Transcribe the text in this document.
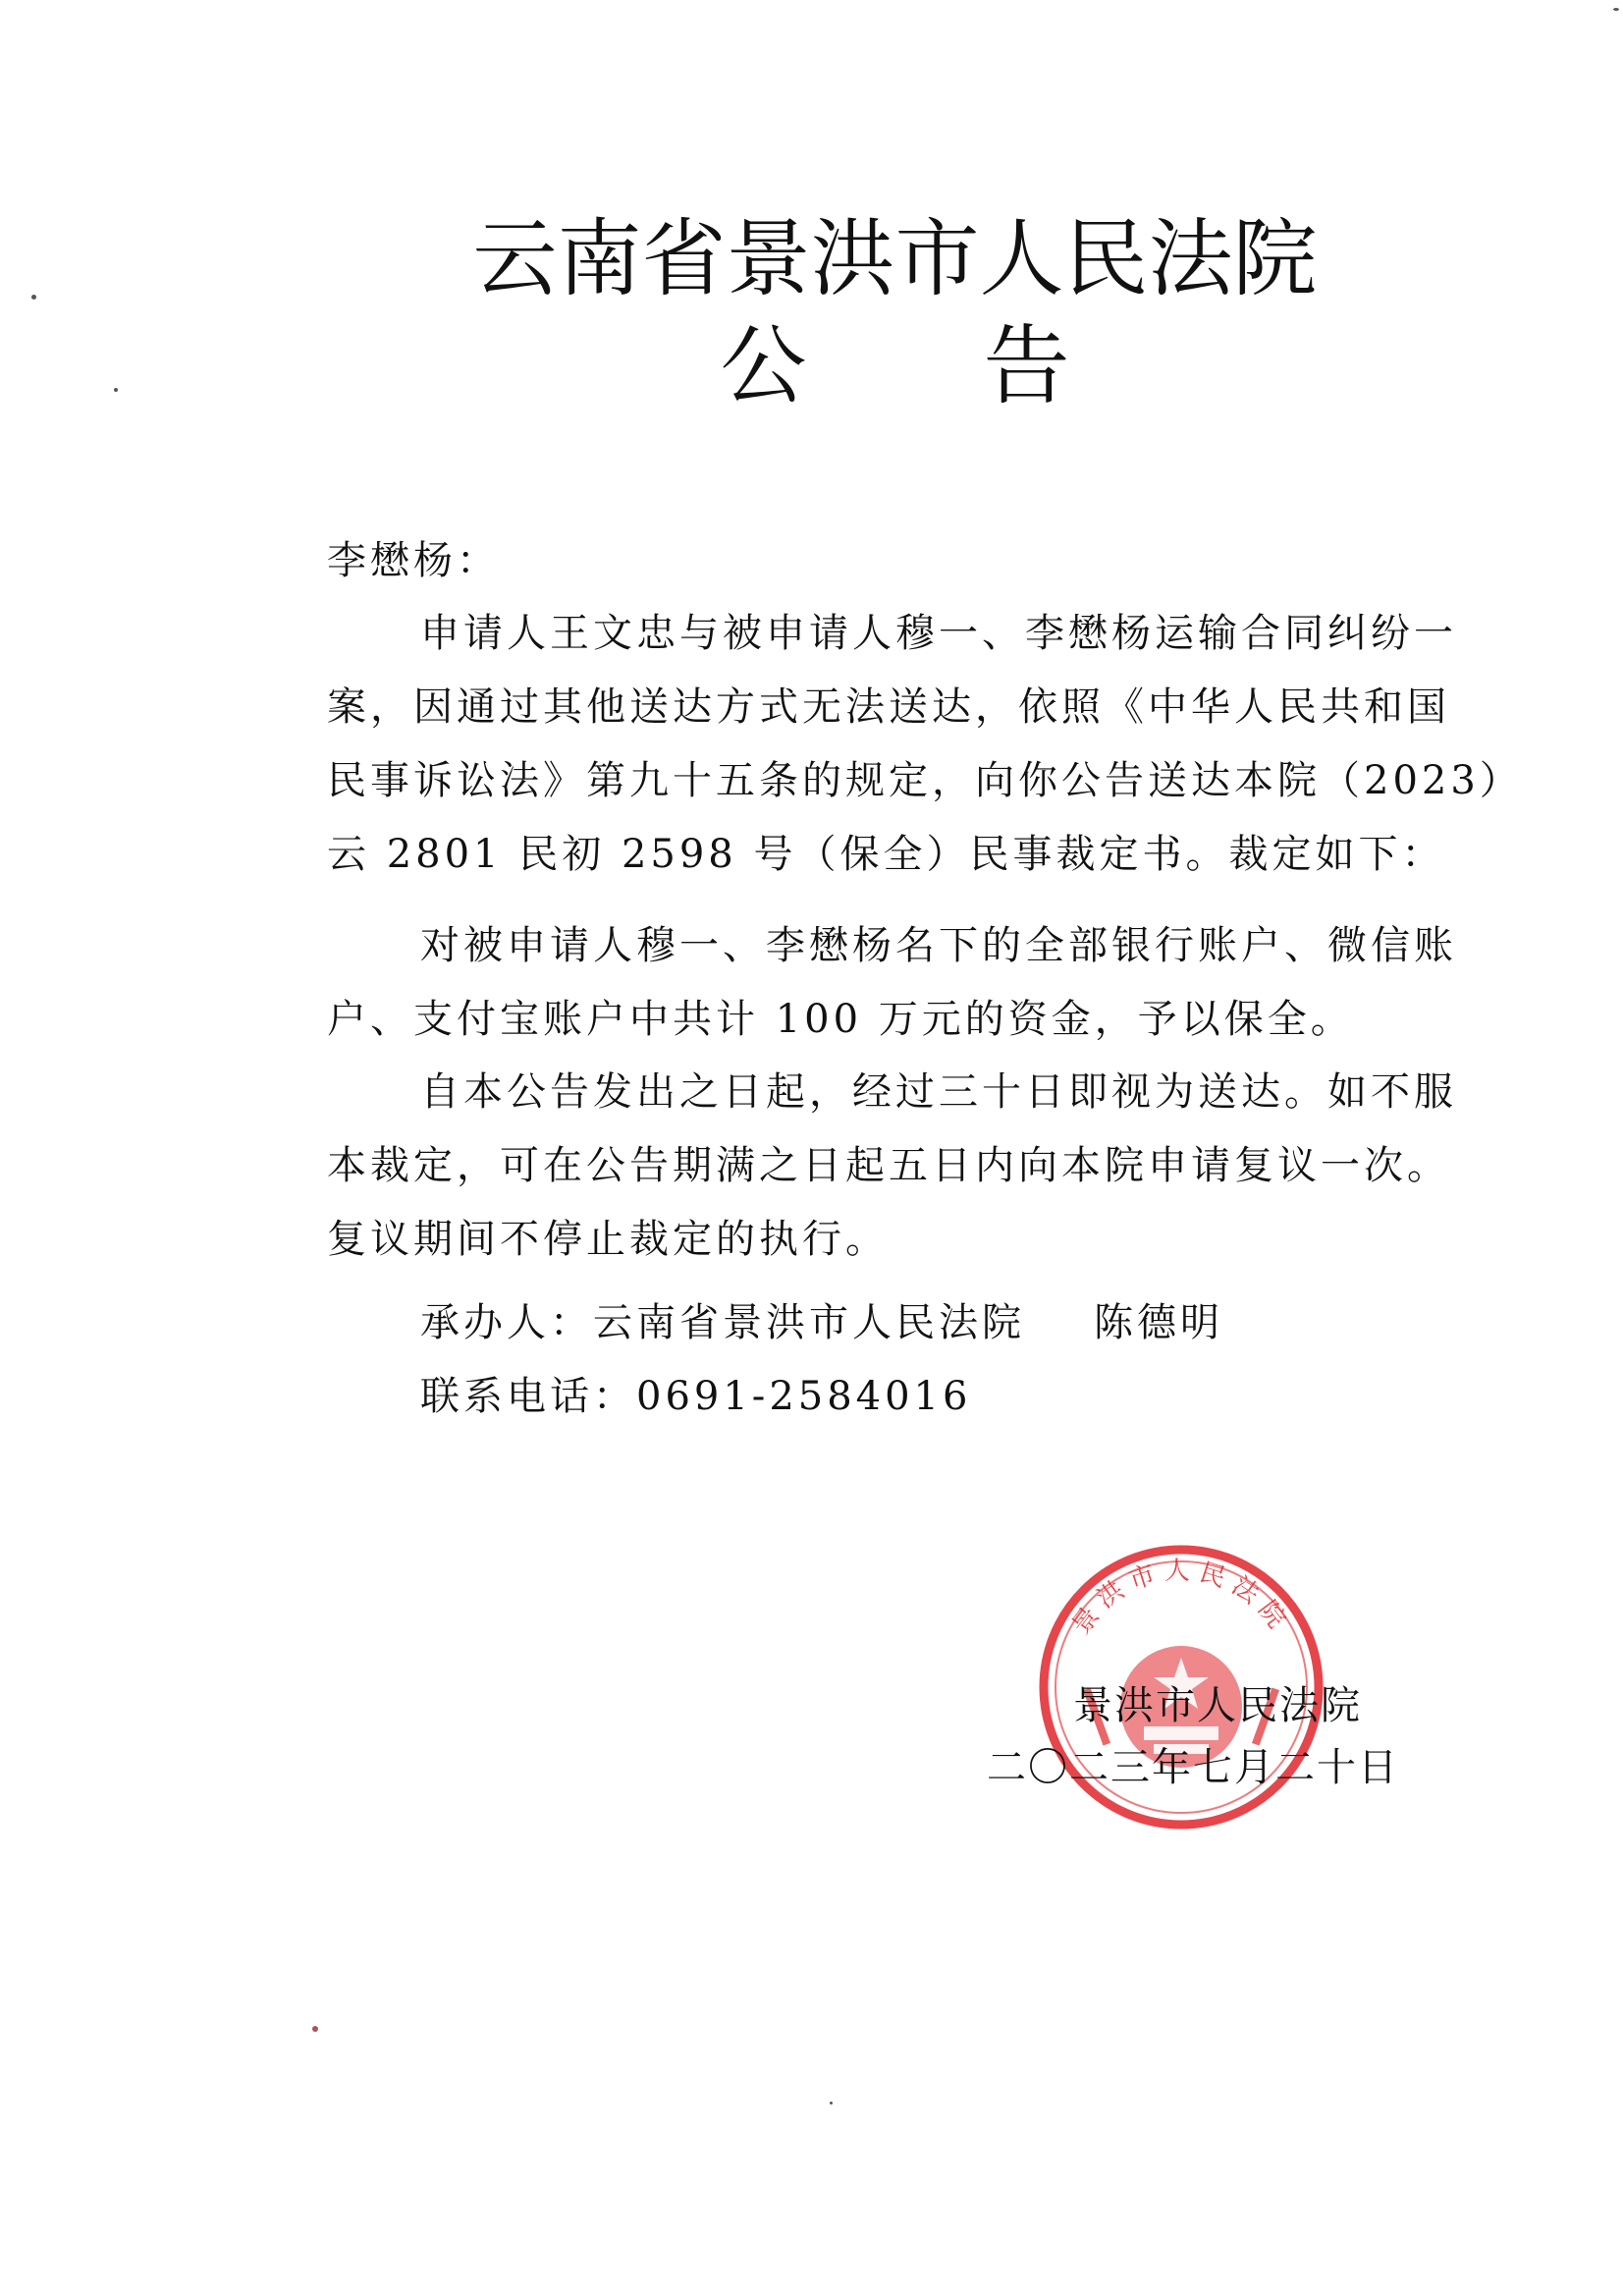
云南省景洪市人民法院
公 告
李懋杨：
申请人王文忠与被申请人穆一、李懋杨运输合同纠纷一
案，因通过其他送达方式无法送达，依照《中华人民共和国
民事诉讼法》第九十五条的规定，向你公告送达本院（2023）
云 2801 民初 2598 号（保全）民事裁定书。裁定如下：
对被申请人穆一、李懋杨名下的全部银行账户、微信账
户、支付宝账户中共计 100 万元的资金，予以保全。
自本公告发出之日起，经过三十日即视为送达。如不服
本裁定，可在公告期满之日起五日内向本院申请复议一次。
复议期间不停止裁定的执行。
承办人：云南省景洪市人民法院 陈德明
联系电话：0691-2584016
景洪市人民法院
景洪市人民法院
二〇二三年七月二十日
